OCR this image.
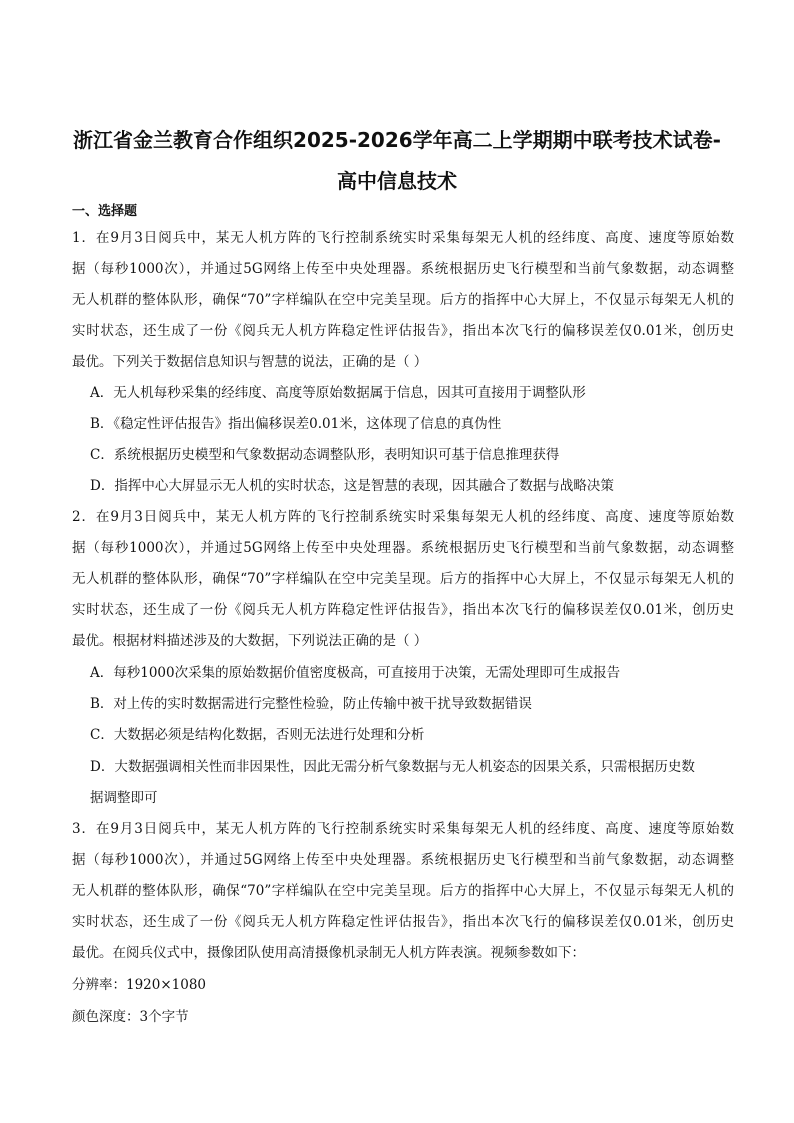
浙江省金兰教育合作组织2025-2026学年高二上学期期中联考技术试卷-
高中信息技术
一、选择题
1．在9月3日阅兵中，某无人机方阵的飞行控制系统实时采集每架无人机的经纬度、高度、速度等原始数
据（每秒1000次），并通过5G网络上传至中央处理器。系统根据历史飞行模型和当前气象数据，动态调整
无人机群的整体队形，确保“70”字样编队在空中完美呈现。后方的指挥中心大屏上，不仅显示每架无人机的
实时状态，还生成了一份《阅兵无人机方阵稳定性评估报告》，指出本次飞行的偏移误差仅0.01米，创历史
最优。下列关于数据信息知识与智慧的说法，正确的是（ ）
A．无人机每秒采集的经纬度、高度等原始数据属于信息，因其可直接用于调整队形
B．《稳定性评估报告》指出偏移误差0.01米，这体现了信息的真伪性
C．系统根据历史模型和气象数据动态调整队形，表明知识可基于信息推理获得
D．指挥中心大屏显示无人机的实时状态，这是智慧的表现，因其融合了数据与战略决策
2．在9月3日阅兵中，某无人机方阵的飞行控制系统实时采集每架无人机的经纬度、高度、速度等原始数
据（每秒1000次），并通过5G网络上传至中央处理器。系统根据历史飞行模型和当前气象数据，动态调整
无人机群的整体队形，确保“70”字样编队在空中完美呈现。后方的指挥中心大屏上，不仅显示每架无人机的
实时状态，还生成了一份《阅兵无人机方阵稳定性评估报告》，指出本次飞行的偏移误差仅0.01米，创历史
最优。根据材料描述涉及的大数据，下列说法正确的是（ ）
A．每秒1000次采集的原始数据价值密度极高，可直接用于决策，无需处理即可生成报告
B．对上传的实时数据需进行完整性检验，防止传输中被干扰导致数据错误
C．大数据必须是结构化数据，否则无法进行处理和分析
D．大数据强调相关性而非因果性，因此无需分析气象数据与无人机姿态的因果关系，只需根据历史数
据调整即可
3．在9月3日阅兵中，某无人机方阵的飞行控制系统实时采集每架无人机的经纬度、高度、速度等原始数
据（每秒1000次），并通过5G网络上传至中央处理器。系统根据历史飞行模型和当前气象数据，动态调整
无人机群的整体队形，确保“70”字样编队在空中完美呈现。后方的指挥中心大屏上，不仅显示每架无人机的
实时状态，还生成了一份《阅兵无人机方阵稳定性评估报告》，指出本次飞行的偏移误差仅0.01米，创历史
最优。在阅兵仪式中，摄像团队使用高清摄像机录制无人机方阵表演。视频参数如下：
分辨率：1920×1080
颜色深度：3个字节
